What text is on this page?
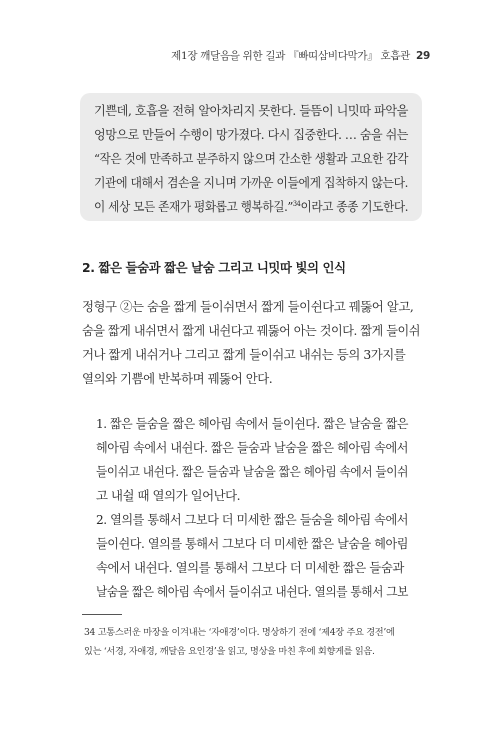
제1장 깨달음을 위한 길과 『빠띠삼비다막가』 호흡관 29
기쁜데, 호흡을 전혀 알아차리지 못한다. 들뜸이 니밋따 파악을
엉망으로 만들어 수행이 망가졌다. 다시 집중한다. … 숨을 쉬는
“작은 것에 만족하고 분주하지 않으며 간소한 생활과 고요한 감각
기관에 대해서 겸손을 지니며 가까운 이들에게 집착하지 않는다.
이 세상 모든 존재가 평화롭고 행복하길.”$^{34}$이라고 종종 기도한다.
2. 짧은 들숨과 짧은 날숨 그리고 니밋따 빛의 인식
정형구 ②는 숨을 짧게 들이쉬면서 짧게 들이쉰다고 꿰뚫어 알고,
숨을 짧게 내쉬면서 짧게 내쉰다고 꿰뚫어 아는 것이다. 짧게 들이쉬
거나 짧게 내쉬거나 그리고 짧게 들이쉬고 내쉬는 등의 3가지를
열의와 기쁨에 반복하며 꿰뚫어 안다.
1. 짧은 들숨을 짧은 헤아림 속에서 들이쉰다. 짧은 날숨을 짧은
헤아림 속에서 내쉰다. 짧은 들숨과 날숨을 짧은 헤아림 속에서
들이쉬고 내쉰다. 짧은 들숨과 날숨을 짧은 헤아림 속에서 들이쉬
고 내쉴 때 열의가 일어난다.
2. 열의를 통해서 그보다 더 미세한 짧은 들숨을 헤아림 속에서
들이쉰다. 열의를 통해서 그보다 더 미세한 짧은 날숨을 헤아림
속에서 내쉰다. 열의를 통해서 그보다 더 미세한 짧은 들숨과
날숨을 짧은 헤아림 속에서 들이쉬고 내쉰다. 열의를 통해서 그보
34 고통스러운 마장을 이겨내는 ‘자애경’이다. 명상하기 전에 ‘제4장 주요 경전’에
있는 ‘서경, 자애경, 깨달음 요인경’을 읽고, 명상을 마친 후에 회향게를 읽음.
